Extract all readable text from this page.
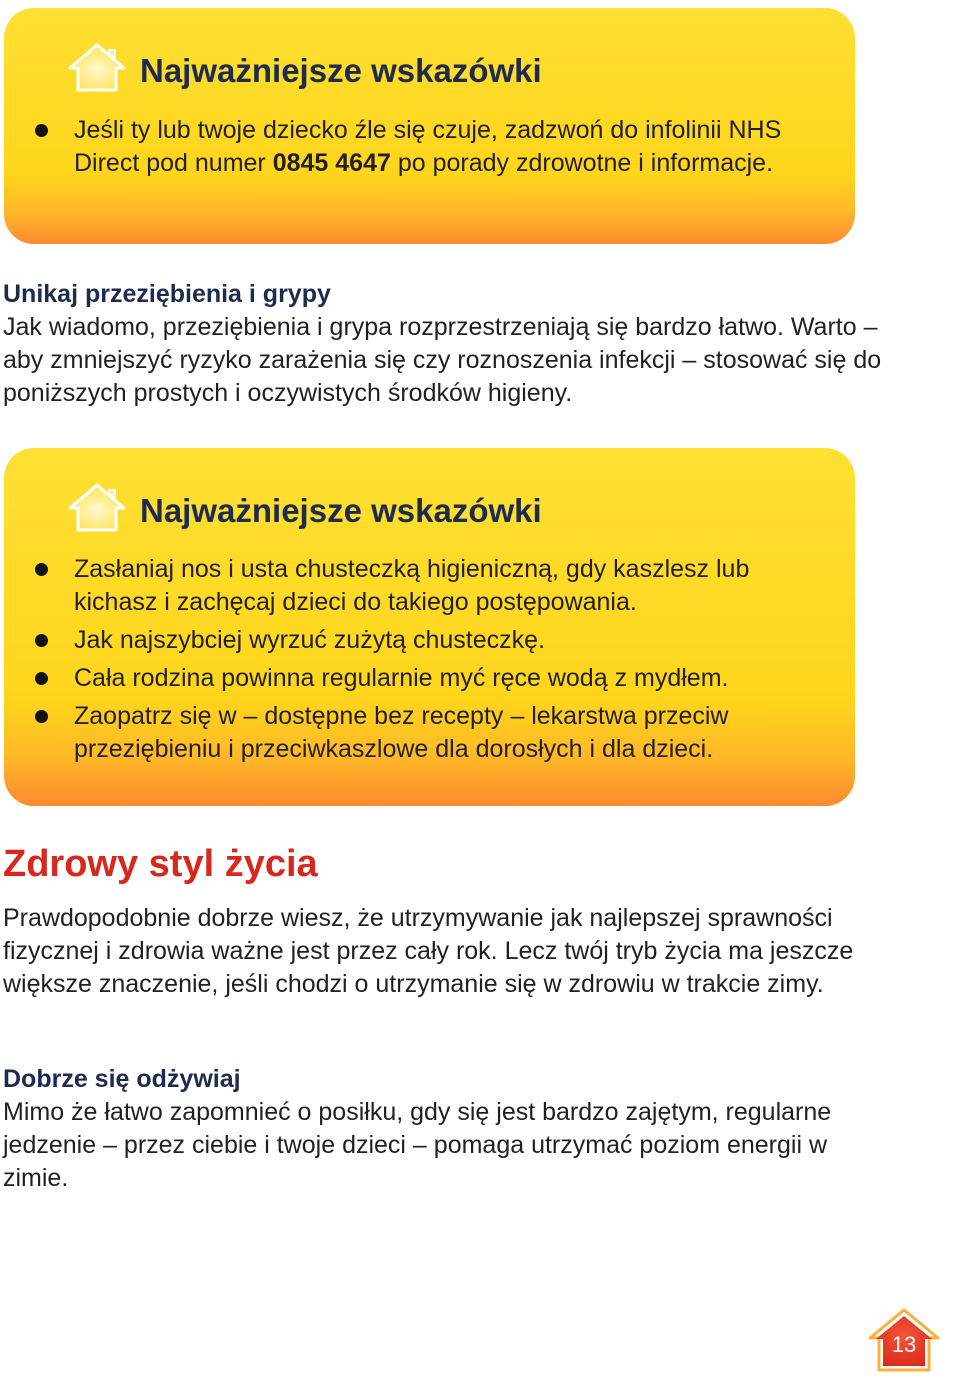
Najważniejsze wskazówki
Jeśli ty lub twoje dziecko źle się czuje, zadzwoń do infolinii NHS Direct pod numer 0845 4647 po porady zdrowotne i informacje.
Unikaj przeziębienia i grypy
Jak wiadomo, przeziębienia i grypa rozprzestrzeniają się bardzo łatwo. Warto – aby zmniejszyć ryzyko zarażenia się czy roznoszenia infekcji – stosować się do poniższych prostych i oczywistych środków higieny.
Najważniejsze wskazówki
Zasłaniaj nos i usta chusteczką higieniczną, gdy kaszlesz lub kichasz i zachęcaj dzieci do takiego postępowania.
Jak najszybciej wyrzuć zużytą chusteczkę.
Cała rodzina powinna regularnie myć ręce wodą z mydłem.
Zaopatrz się w – dostępne bez recepty – lekarstwa przeciw przeziębieniu i przeciwkaszlowe dla dorosłych i dla dzieci.
Zdrowy styl życia
Prawdopodobnie dobrze wiesz, że utrzymywanie jak najlepszej sprawności fizycznej i zdrowia ważne jest przez cały rok. Lecz twój tryb życia ma jeszcze większe znaczenie, jeśli chodzi o utrzymanie się w zdrowiu w trakcie zimy.
Dobrze się odżywiaj
Mimo że łatwo zapomnieć o posiłku, gdy się jest bardzo zajętym, regularne jedzenie – przez ciebie i twoje dzieci – pomaga utrzymać poziom energii w zimie.
13
